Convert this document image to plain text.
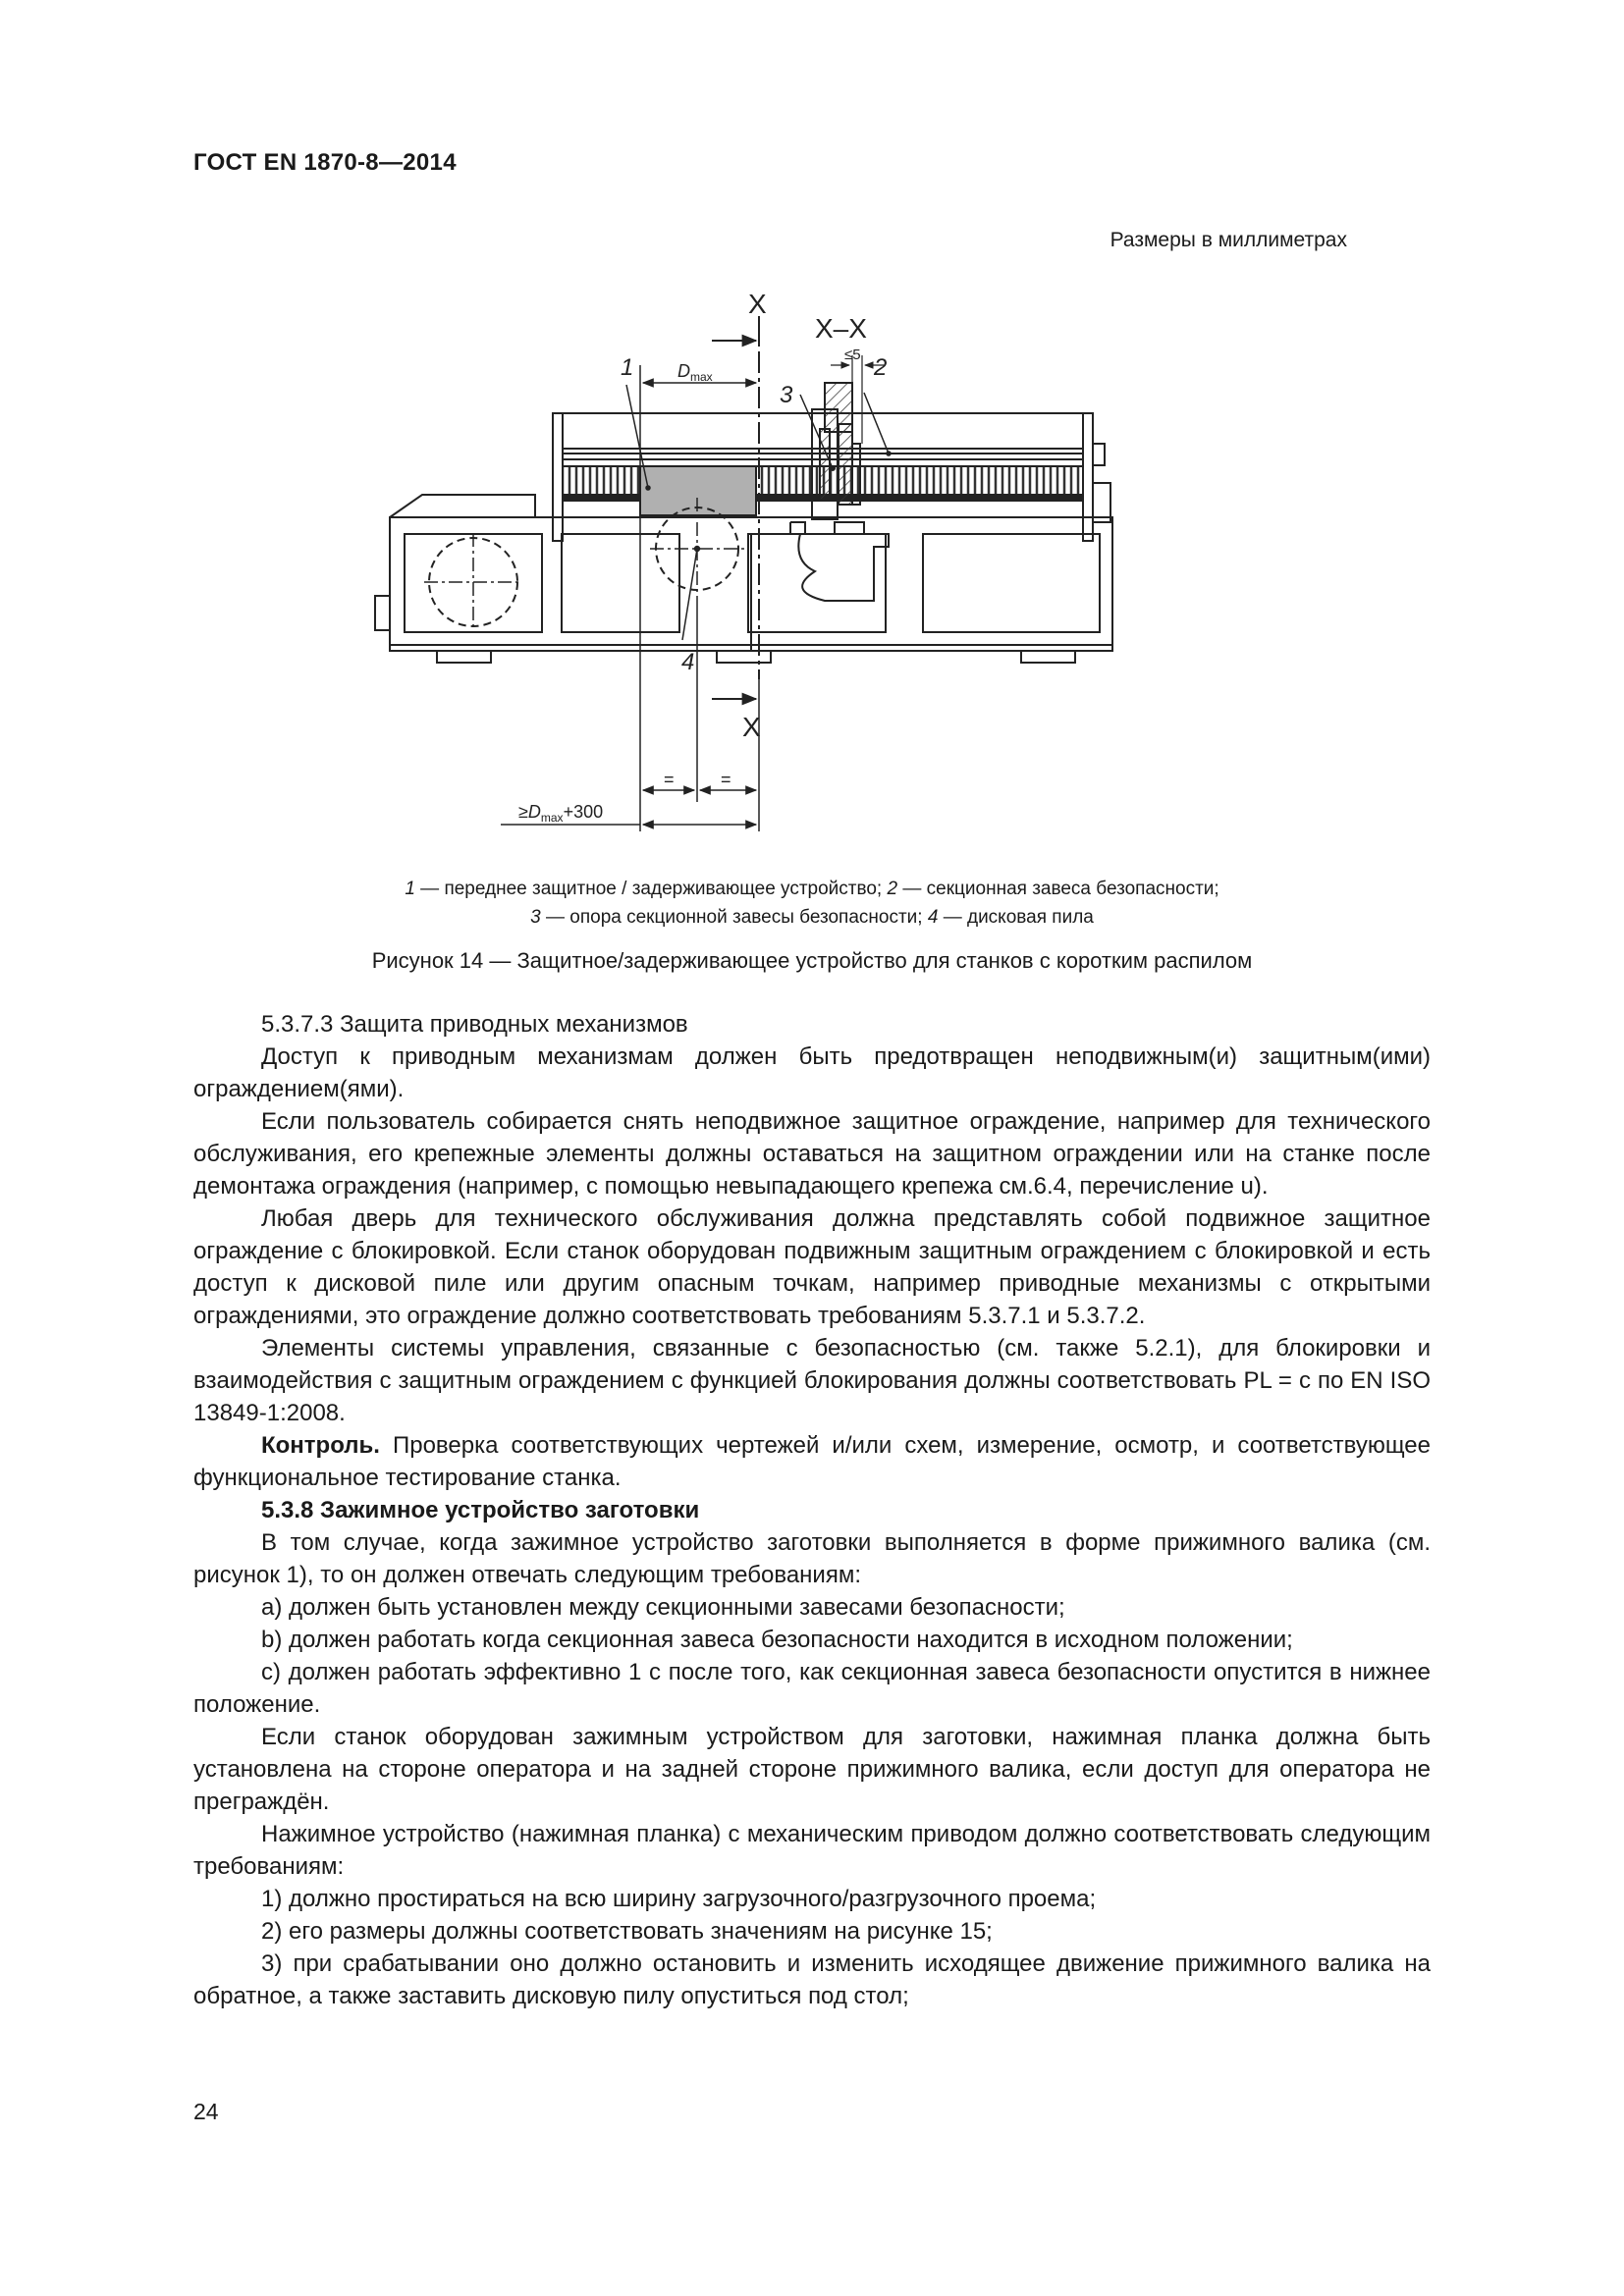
ГОСТ EN 1870-8—2014
Размеры в миллиметрах
1	2
3
4
X
X
X–X
≤5
$D_{max}$
=	=
$\ge D_{max}+300$
1 — переднее защитное / задерживающее устройство; 2 — секционная завеса безопасности;
3 — опора секционной завесы безопасности; 4 — дисковая пила
Рисунок 14 — Защитное/задерживающее устройство для станков с коротким распилом

5.3.7.3 Защита приводных механизмов

Доступ к приводным механизмам должен быть предотвращен неподвижным(и) защитным(ими) ограждением(ями).

Если пользователь собирается снять неподвижное защитное ограждение, например для технического обслуживания, его крепежные элементы должны оставаться на защитном ограждении или на станке после демонтажа ограждения (например, с помощью невыпадающего крепежа см.6.4, перечисление u).

Любая дверь для технического обслуживания должна представлять собой подвижное защитное ограждение с блокировкой. Если станок оборудован подвижным защитным ограждением с блокировкой и есть доступ к дисковой пиле или другим опасным точкам, например приводные механизмы с открытыми ограждениями, это ограждение должно соответствовать требованиям 5.3.7.1 и 5.3.7.2.

Элементы системы управления, связанные с безопасностью (см. также 5.2.1), для блокировки и взаимодействия с защитным ограждением с функцией блокирования должны соответствовать PL = c по EN ISO 13849-1:2008.

Контроль. Проверка соответствующих чертежей и/или схем, измерение, осмотр, и соответствующее функциональное тестирование станка.

5.3.8 Зажимное устройство заготовки

В том случае, когда зажимное устройство заготовки выполняется в форме прижимного валика (см. рисунок 1), то он должен отвечать следующим требованиям:

a) должен быть установлен между секционными завесами безопасности;

b) должен работать когда секционная завеса безопасности находится в исходном положении;

c) должен работать эффективно 1 с после того, как секционная завеса безопасности опустится в нижнее положение.

Если станок оборудован зажимным устройством для заготовки, нажимная планка должна быть установлена на стороне оператора и на задней стороне прижимного валика, если доступ для оператора не преграждён.

Нажимное устройство (нажимная планка) с механическим приводом должно соответствовать следующим требованиям:

1) должно простираться на всю ширину загрузочного/разгрузочного проема;

2) его размеры должны соответствовать значениям на рисунке 15;

3) при срабатывании оно должно остановить и изменить исходящее движение прижимного валика на обратное, а также заставить дисковую пилу опуститься под стол;

24
